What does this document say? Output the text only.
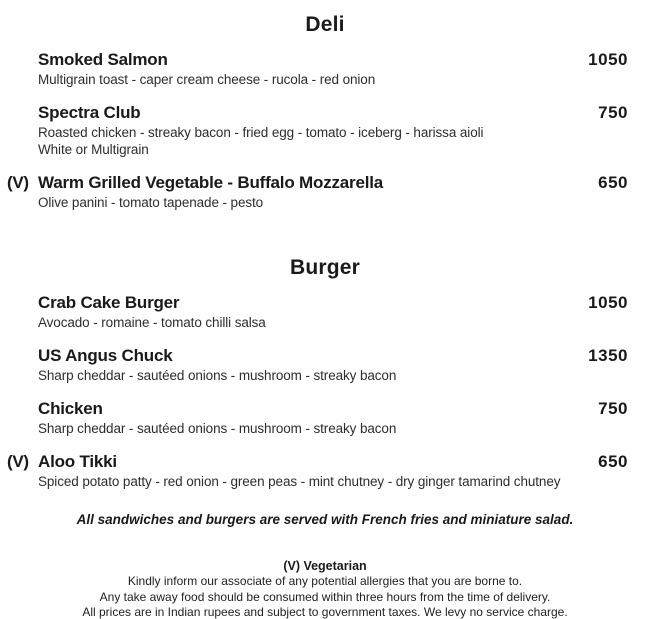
Deli
Smoked Salmon	1050
Multigrain toast - caper cream cheese - rucola - red onion
Spectra Club	750
Roasted chicken - streaky bacon - fried egg - tomato - iceberg - harissa aioli
White or Multigrain
(V) Warm Grilled Vegetable - Buffalo Mozzarella	650
Olive panini - tomato tapenade - pesto
Burger
Crab Cake Burger	1050
Avocado - romaine - tomato chilli salsa
US Angus Chuck	1350
Sharp cheddar - sautéed onions - mushroom - streaky bacon
Chicken	750
Sharp cheddar - sautéed onions - mushroom - streaky bacon
(V) Aloo Tikki	650
Spiced potato patty - red onion - green peas - mint chutney - dry ginger tamarind chutney
All sandwiches and burgers are served with French fries and miniature salad.
(V) Vegetarian
Kindly inform our associate of any potential allergies that you are borne to.
Any take away food should be consumed within three hours from the time of delivery.
All prices are in Indian rupees and subject to government taxes. We levy no service charge.
